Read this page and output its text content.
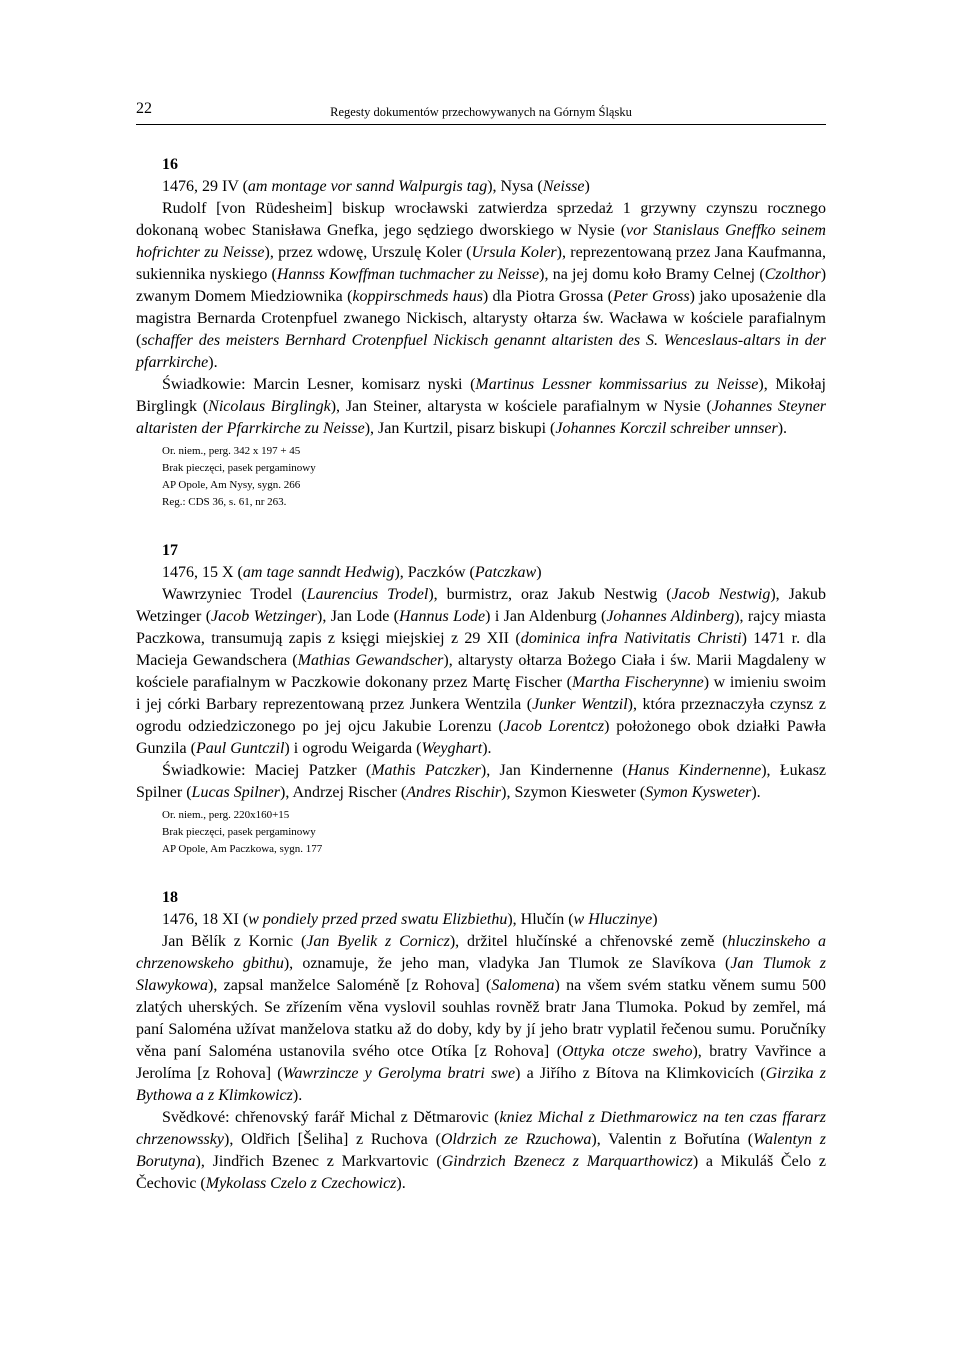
22	Regesty dokumentów przechowywanych na Górnym Śląsku
16

1476, 29 IV (am montage vor sannd Walpurgis tag), Nysa (Neisse)

Rudolf [von Rüdesheim] biskup wrocławski zatwierdza sprzedaż 1 grzywny czynszu rocznego dokonaną wobec Stanisława Gnefka, jego sędziego dworskiego w Nysie (vor Stanislaus Gneffko seinem hofrichter zu Neisse), przez wdowę, Urszulę Koler (Ursula Koler), reprezentowaną przez Jana Kaufmanna, sukiennika nyskiego (Hannss Kowffman tuchmacher zu Neisse), na jej domu koło Bramy Celnej (Czolthor) zwanym Domem Miedziownika (koppirschmeds haus) dla Piotra Grossa (Peter Gross) jako uposażenie dla magistra Bernarda Crotenpfuel zwanego Nickisch, altarysty ołtarza św. Wacława w kościele parafialnym (schaffer des meisters Bernhard Crotenpfuel Nickisch genannt altaristen des S. Wenceslaus-altars in der pfarrkirche).

Świadkowie: Marcin Lesner, komisarz nyski (Martinus Lessner kommissarius zu Neisse), Mikołaj Birglingk (Nicolaus Birglingk), Jan Steiner, altarysta w kościele parafialnym w Nysie (Johannes Steyner altaristen der Pfarrkirche zu Neisse), Jan Kurtzil, pisarz biskupi (Johannes Korczil schreiber unnser).

Or. niem., perg. 342 x 197 + 45
Brak pieczęci, pasek pergaminowy
AP Opole, Am Nysy, sygn. 266
Reg.: CDS 36, s. 61, nr 263.
17

1476, 15 X (am tage sanndt Hedwig), Paczków (Patczkaw)

Wawrzyniec Trodel (Laurencius Trodel), burmistrz, oraz Jakub Nestwig (Jacob Nestwig), Jakub Wetzinger (Jacob Wetzinger), Jan Lode (Hannus Lode) i Jan Aldenburg (Johannes Aldinberg), rajcy miasta Paczkowa, transumują zapis z księgi miejskiej z 29 XII (dominica infra Nativitatis Christi) 1471 r. dla Macieja Gewandschera (Mathias Gewandscher), altarysty ołtarza Bożego Ciała i św. Marii Magdaleny w kościele parafialnym w Paczkowie dokonany przez Martę Fischer (Martha Fischerynne) w imieniu swoim i jej córki Barbary reprezentowaną przez Junkera Wentzila (Junker Wentzil), która przeznaczyła czynsz z ogrodu odziedziczonego po jej ojcu Jakubie Lorenzu (Jacob Lorentcz) położonego obok działki Pawła Gunzila (Paul Guntczil) i ogrodu Weigarda (Weyghart).

Świadkowie: Maciej Patzker (Mathis Patczker), Jan Kindernenne (Hanus Kindernenne), Łukasz Spilner (Lucas Spilner), Andrzej Rischer (Andres Rischir), Szymon Kiesweter (Symon Kysweter).

Or. niem., perg. 220x160+15
Brak pieczęci, pasek pergaminowy
AP Opole, Am Paczkowa, sygn. 177
18

1476, 18 XI (w pondiely przed przed swatu Elizbiethu), Hlučín (w Hluczinye)

Jan Bělík z Kornic (Jan Byelik z Cornicz), držitel hlučínské a chřenovské země (hluczinskeho a chrzenowskeho gbithu), oznamuje, že jeho man, vladyka Jan Tlumok ze Slavíkova (Jan Tlumok z Slawykowa), zapsal manželce Saloméně [z Rohova] (Salomena) na všem svém statku věnem sumu 500 zlatých uherských. Se zřízením věna vyslovil souhlas rovněž bratr Jana Tlumoka. Pokud by zemřel, má paní Saloména užívat manželova statku až do doby, kdy by jí jeho bratr vyplatil řečenou sumu. Poručníky věna paní Saloména ustanovila svého otce Otíka [z Rohova] (Ottyka otcze sweho), bratry Vavřince a Jerolíma [z Rohova] (Wawrzincze y Gerolyma bratri swe) a Jiřího z Bítova na Klimkovicích (Girzika z Bythowa a z Klimkowicz).

Svědkové: chřenovský farář Michal z Dětmarovic (kniez Michal z Diethmarowicz na ten czas ffararz chrzenowssky), Oldřich [Šeliha] z Ruchova (Oldrzich ze Rzuchowa), Valentin z Bořutína (Walentyn z Borutyna), Jindřich Bzenec z Markvartovic (Gindrzich Bzenecz z Marquarthowicz) a Mikuláš Čelo z Čechovic (Mykolass Czelo z Czechowicz).
